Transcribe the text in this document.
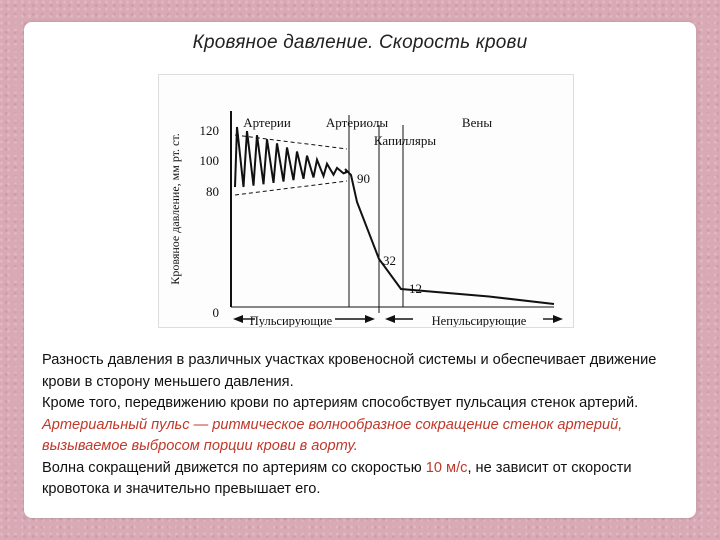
Кровяное давление. Скорость крови
Кровяное давление, мм рт. ст.
120
100
80
0
Артерии	Артериолы
Капилляры
Вены
90
32
12
Пульсирующие	Непульсирующие
Разность давления в различных участках кровеносной системы и обеспечивает движение крови в сторону меньшего давления.
Кроме того, передвижению крови по артериям способствует пульсация стенок артерий. Артериальный пульс — ритмическое волнообразное сокращение стенок артерий, вызываемое выбросом порции крови в аорту.
Волна сокращений движется по артериям со скоростью 10 м/с, не зависит от скорости кровотока и значительно превышает его.
